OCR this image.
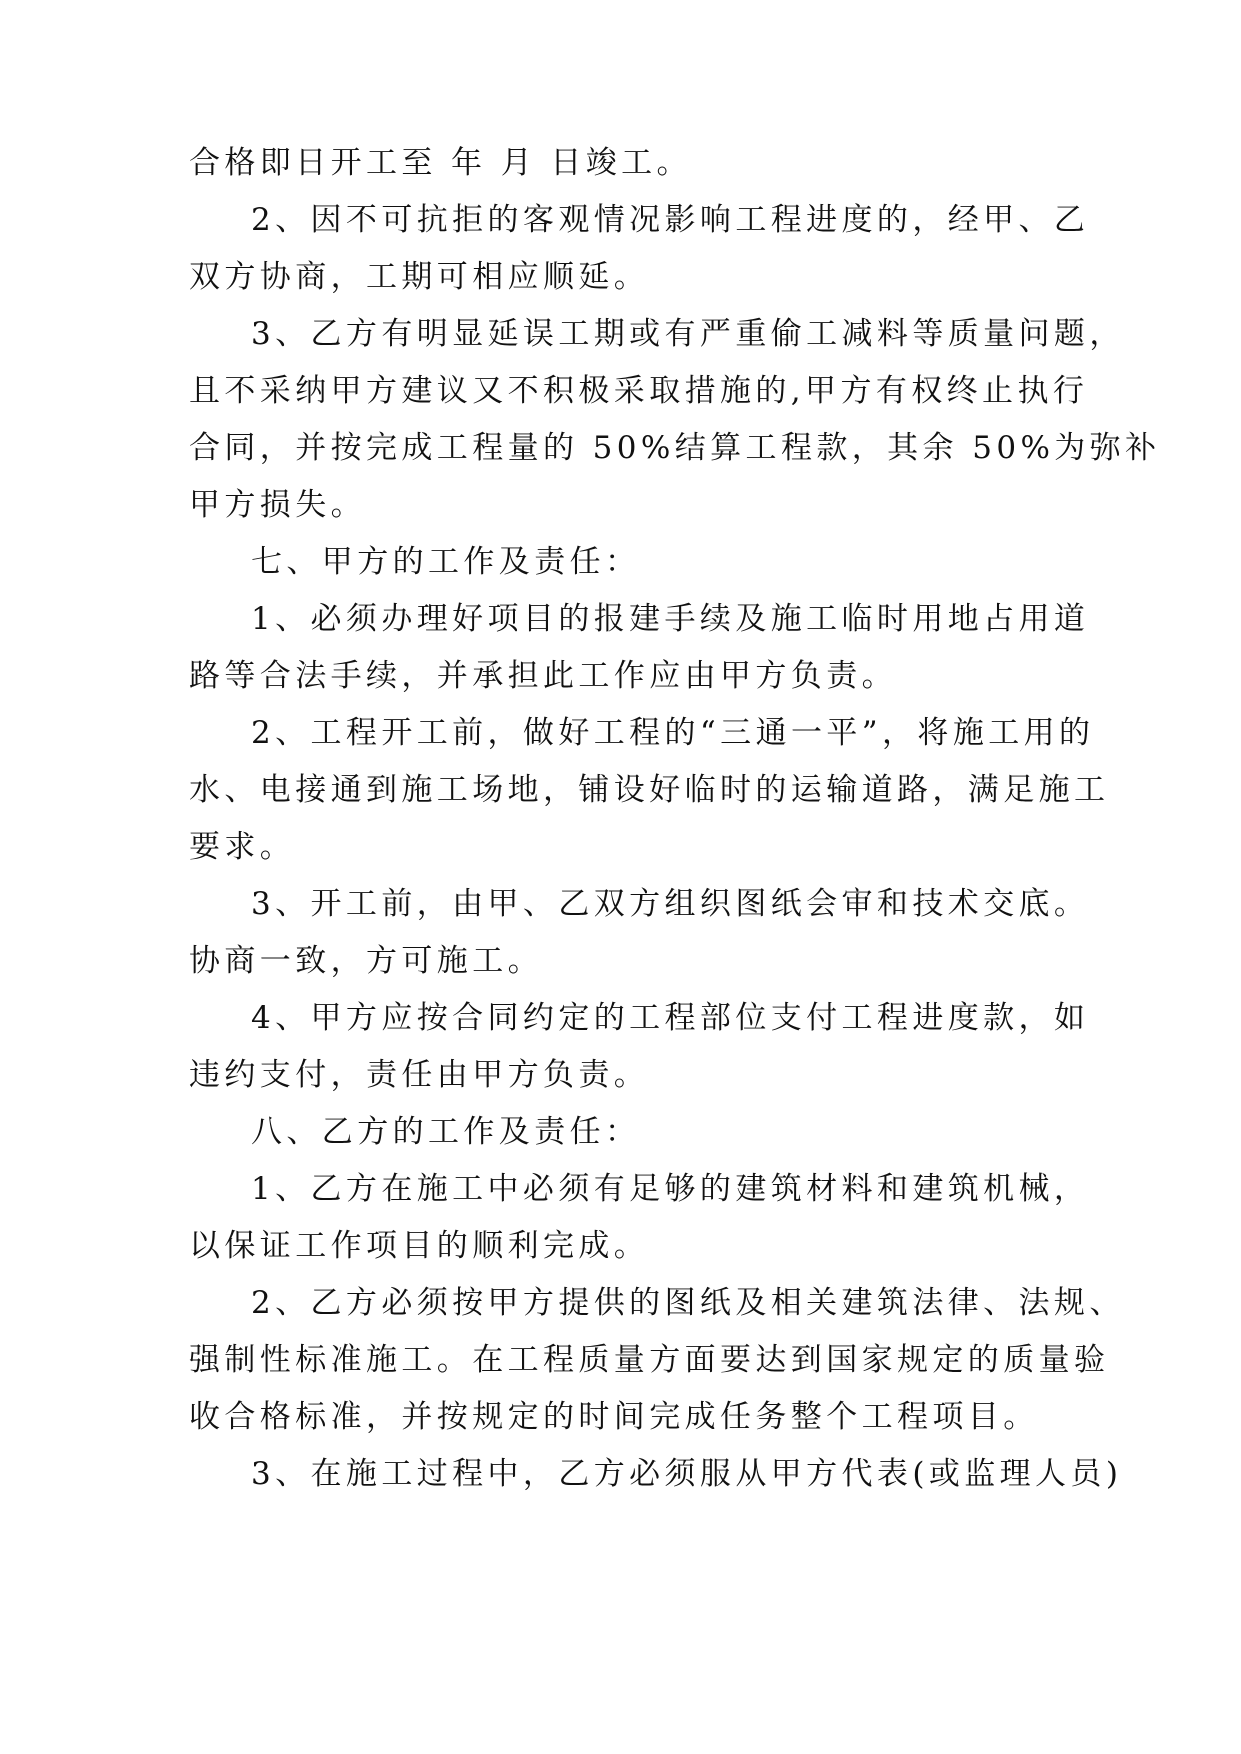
合格即日开工至 年 月 日竣工。
2、因不可抗拒的客观情况影响工程进度的，经甲、乙
双方协商，工期可相应顺延。
3、乙方有明显延误工期或有严重偷工减料等质量问题，
且不采纳甲方建议又不积极采取措施的,甲方有权终止执行
合同，并按完成工程量的 50%结算工程款，其余 50%为弥补
甲方损失。
七、甲方的工作及责任：
1、必须办理好项目的报建手续及施工临时用地占用道
路等合法手续，并承担此工作应由甲方负责。
2、工程开工前，做好工程的“三通一平”，将施工用的
水、电接通到施工场地，铺设好临时的运输道路，满足施工
要求。
3、开工前，由甲、乙双方组织图纸会审和技术交底。
协商一致，方可施工。
4、甲方应按合同约定的工程部位支付工程进度款，如
违约支付，责任由甲方负责。
八、乙方的工作及责任：
1、乙方在施工中必须有足够的建筑材料和建筑机械，
以保证工作项目的顺利完成。
2、乙方必须按甲方提供的图纸及相关建筑法律、法规、
强制性标准施工。在工程质量方面要达到国家规定的质量验
收合格标准，并按规定的时间完成任务整个工程项目。
3、在施工过程中，乙方必须服从甲方代表(或监理人员)
